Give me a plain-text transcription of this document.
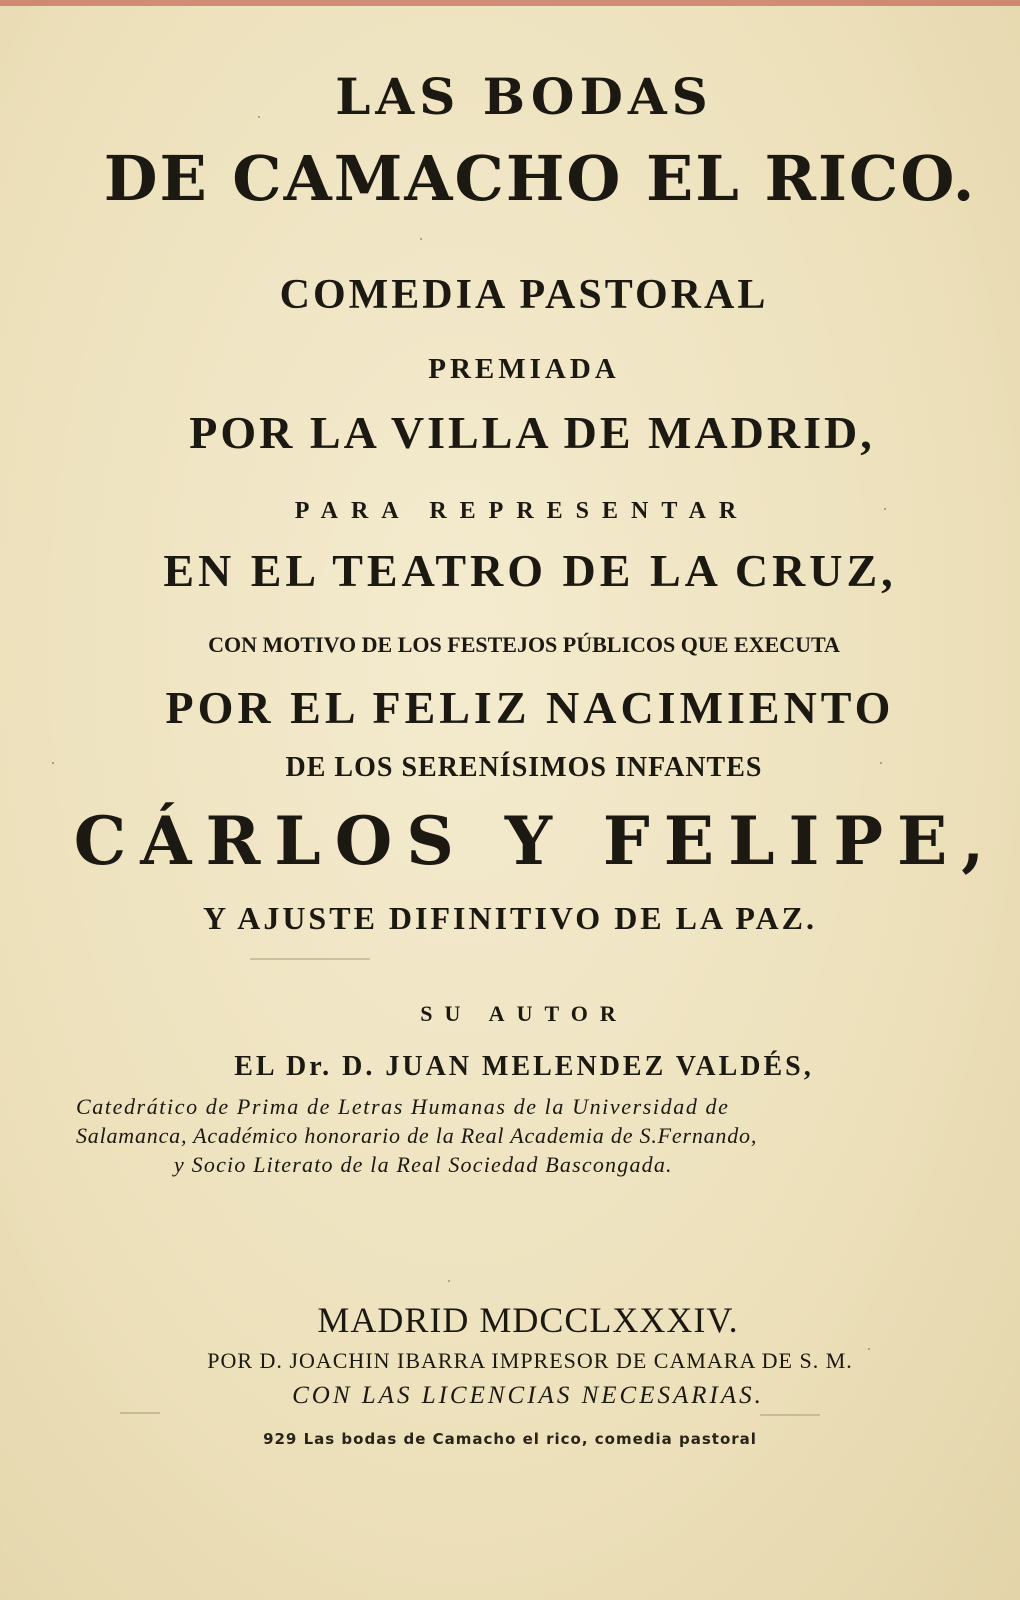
LAS BODAS
DE CAMACHO EL RICO.
COMEDIA PASTORAL
PREMIADA
POR LA VILLA DE MADRID,
PARA REPRESENTAR
EN EL TEATRO DE LA CRUZ,
CON MOTIVO DE LOS FESTEJOS PÚBLICOS QUE EXECUTA
POR EL FELIZ NACIMIENTO
DE LOS SERENÍSIMOS INFANTES
CÁRLOS Y FELIPE,
Y AJUSTE DIFINITIVO DE LA PAZ.
SU AUTOR
EL Dr. D. JUAN MELENDEZ VALDÉS,
Catedrático de Prima de Letras Humanas de la Universidad de
Salamanca, Académico honorario de la Real Academia de S.Fernando,
y Socio Literato de la Real Sociedad Bascongada.
MADRID MDCCLXXXIV.
POR D. JOACHIN IBARRA IMPRESOR DE CAMARA DE S. M.
CON LAS LICENCIAS NECESARIAS.
929 Las bodas de Camacho el rico, comedia pastoral
